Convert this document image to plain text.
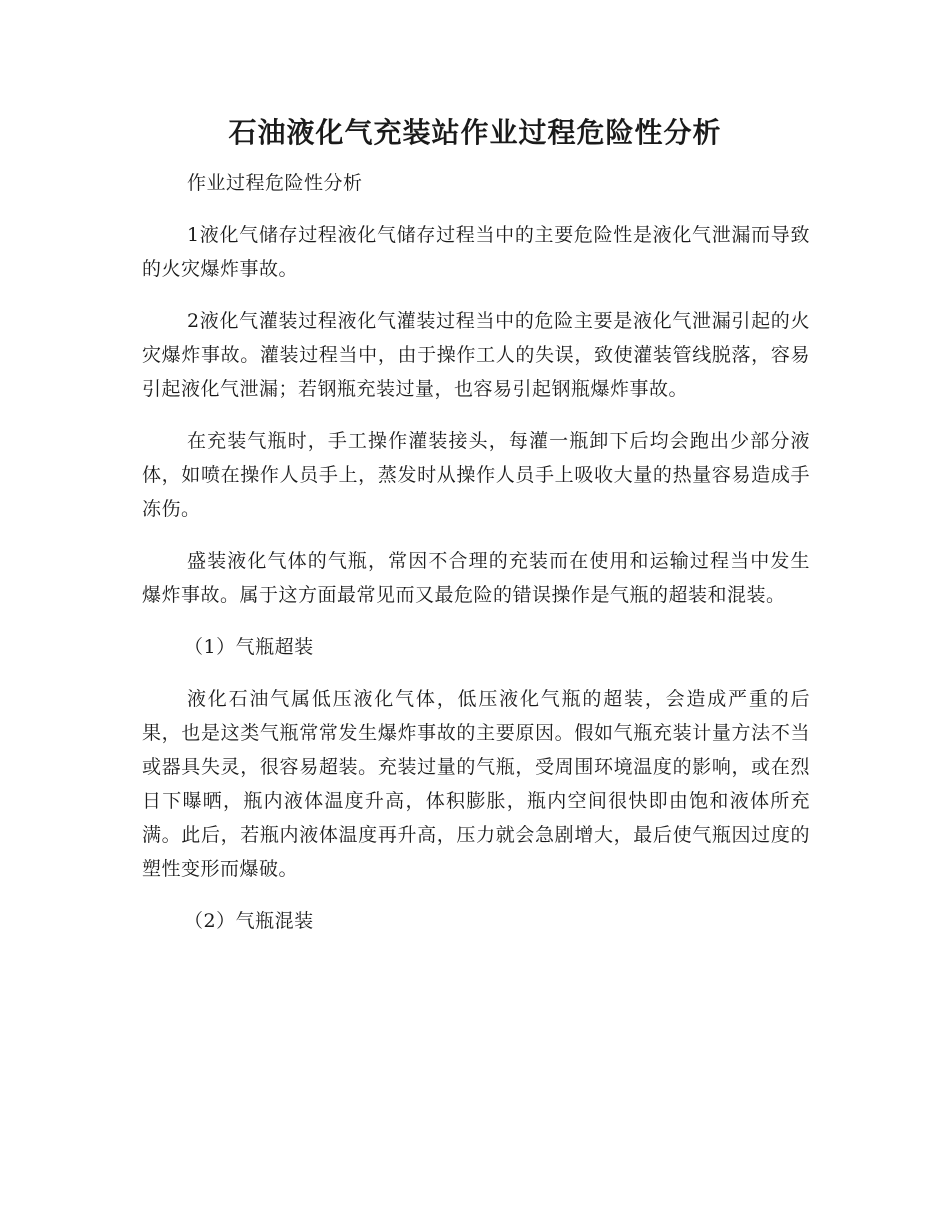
石油液化气充装站作业过程危险性分析

作业过程危险性分析

1液化气储存过程液化气储存过程当中的主要危险性是液化气泄漏而导致的火灾爆炸事故。

2液化气灌装过程液化气灌装过程当中的危险主要是液化气泄漏引起的火灾爆炸事故。灌装过程当中，由于操作工人的失误，致使灌装管线脱落，容易引起液化气泄漏；若钢瓶充装过量，也容易引起钢瓶爆炸事故。

在充装气瓶时，手工操作灌装接头，每灌一瓶卸下后均会跑出少部分液体，如喷在操作人员手上，蒸发时从操作人员手上吸收大量的热量容易造成手冻伤。

盛装液化气体的气瓶，常因不合理的充装而在使用和运输过程当中发生爆炸事故。属于这方面最常见而又最危险的错误操作是气瓶的超装和混装。

（1）气瓶超装

液化石油气属低压液化气体，低压液化气瓶的超装，会造成严重的后果，也是这类气瓶常常发生爆炸事故的主要原因。假如气瓶充装计量方法不当或器具失灵，很容易超装。充装过量的气瓶，受周围环境温度的影响，或在烈日下曝晒，瓶内液体温度升高，体积膨胀，瓶内空间很快即由饱和液体所充满。此后，若瓶内液体温度再升高，压力就会急剧增大，最后使气瓶因过度的塑性变形而爆破。

（2）气瓶混装
